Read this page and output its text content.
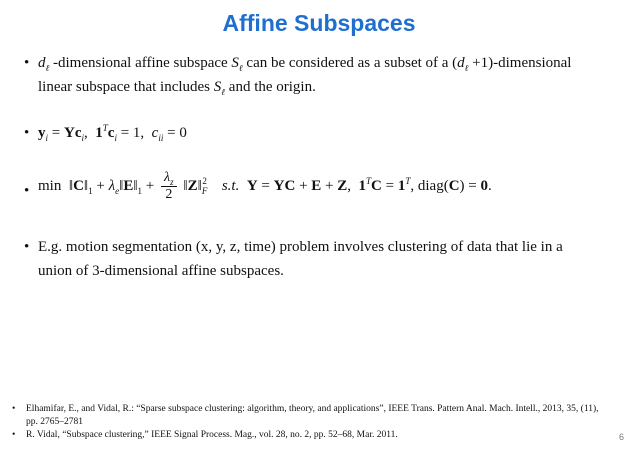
Affine Subspaces
• $d_\ell$ -dimensional affine subspace $S_\ell$ can be considered as a subset of a ($d_\ell$ +1)-dimensional
linear subspace that includes $S_\ell$ and the origin.
• $y_i = Yc_i$,  $1^Tc_i = 1$,  $c_{ii} = 0$
• $\min ‖C‖_1$ + $\lambda_e‖E‖_1 + \frac{\lambda_z}{2}$ $‖Z‖_F^2$ s.t. Y = YC + E + Z,  $1^TC = 1^T$, diag(C) = 0.
• E.g. motion segmentation (x, y, z, time) problem involves clustering of data that lie in a
union of 3-dimensional affine subspaces.
• Elhamifar, E., and Vidal, R.: “Sparse subspace clustering: algorithm, theory, and applications”, IEEE Trans. Pattern Anal. Mach. Intell., 2013, 35, (11), pp. 2765–2781
• R. Vidal, “Subspace clustering,” IEEE Signal Process. Mag., vol. 28, no. 2, pp. 52–68, Mar. 2011.	6
